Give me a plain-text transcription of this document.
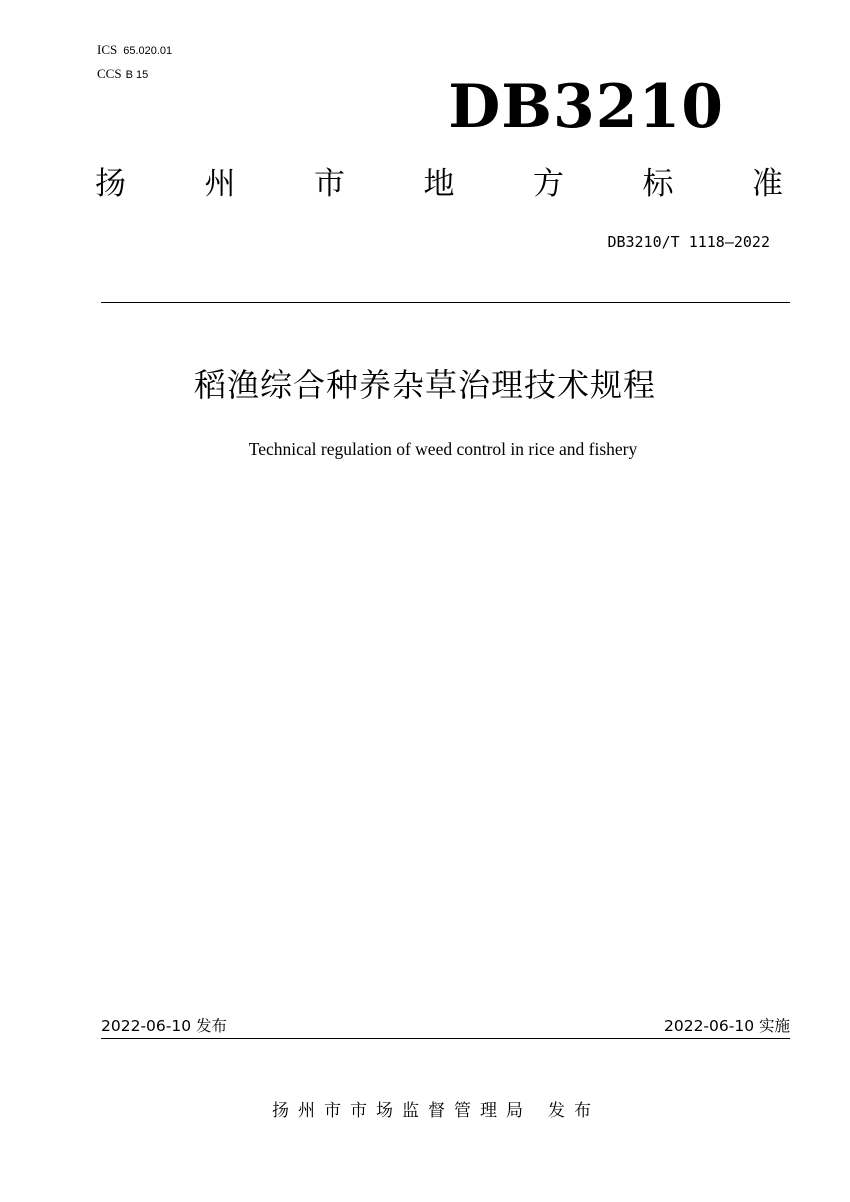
ICS 65.020.01
CCS B 15	DB3210
扬	州	市	地	方	标	准
DB3210/T 1118—2022
稻渔综合种养杂草治理技术规程
Technical regulation of weed control in rice and fishery
2022-06-10 发布	2022-06-10 实施
扬州市市场监督管理局 发布
